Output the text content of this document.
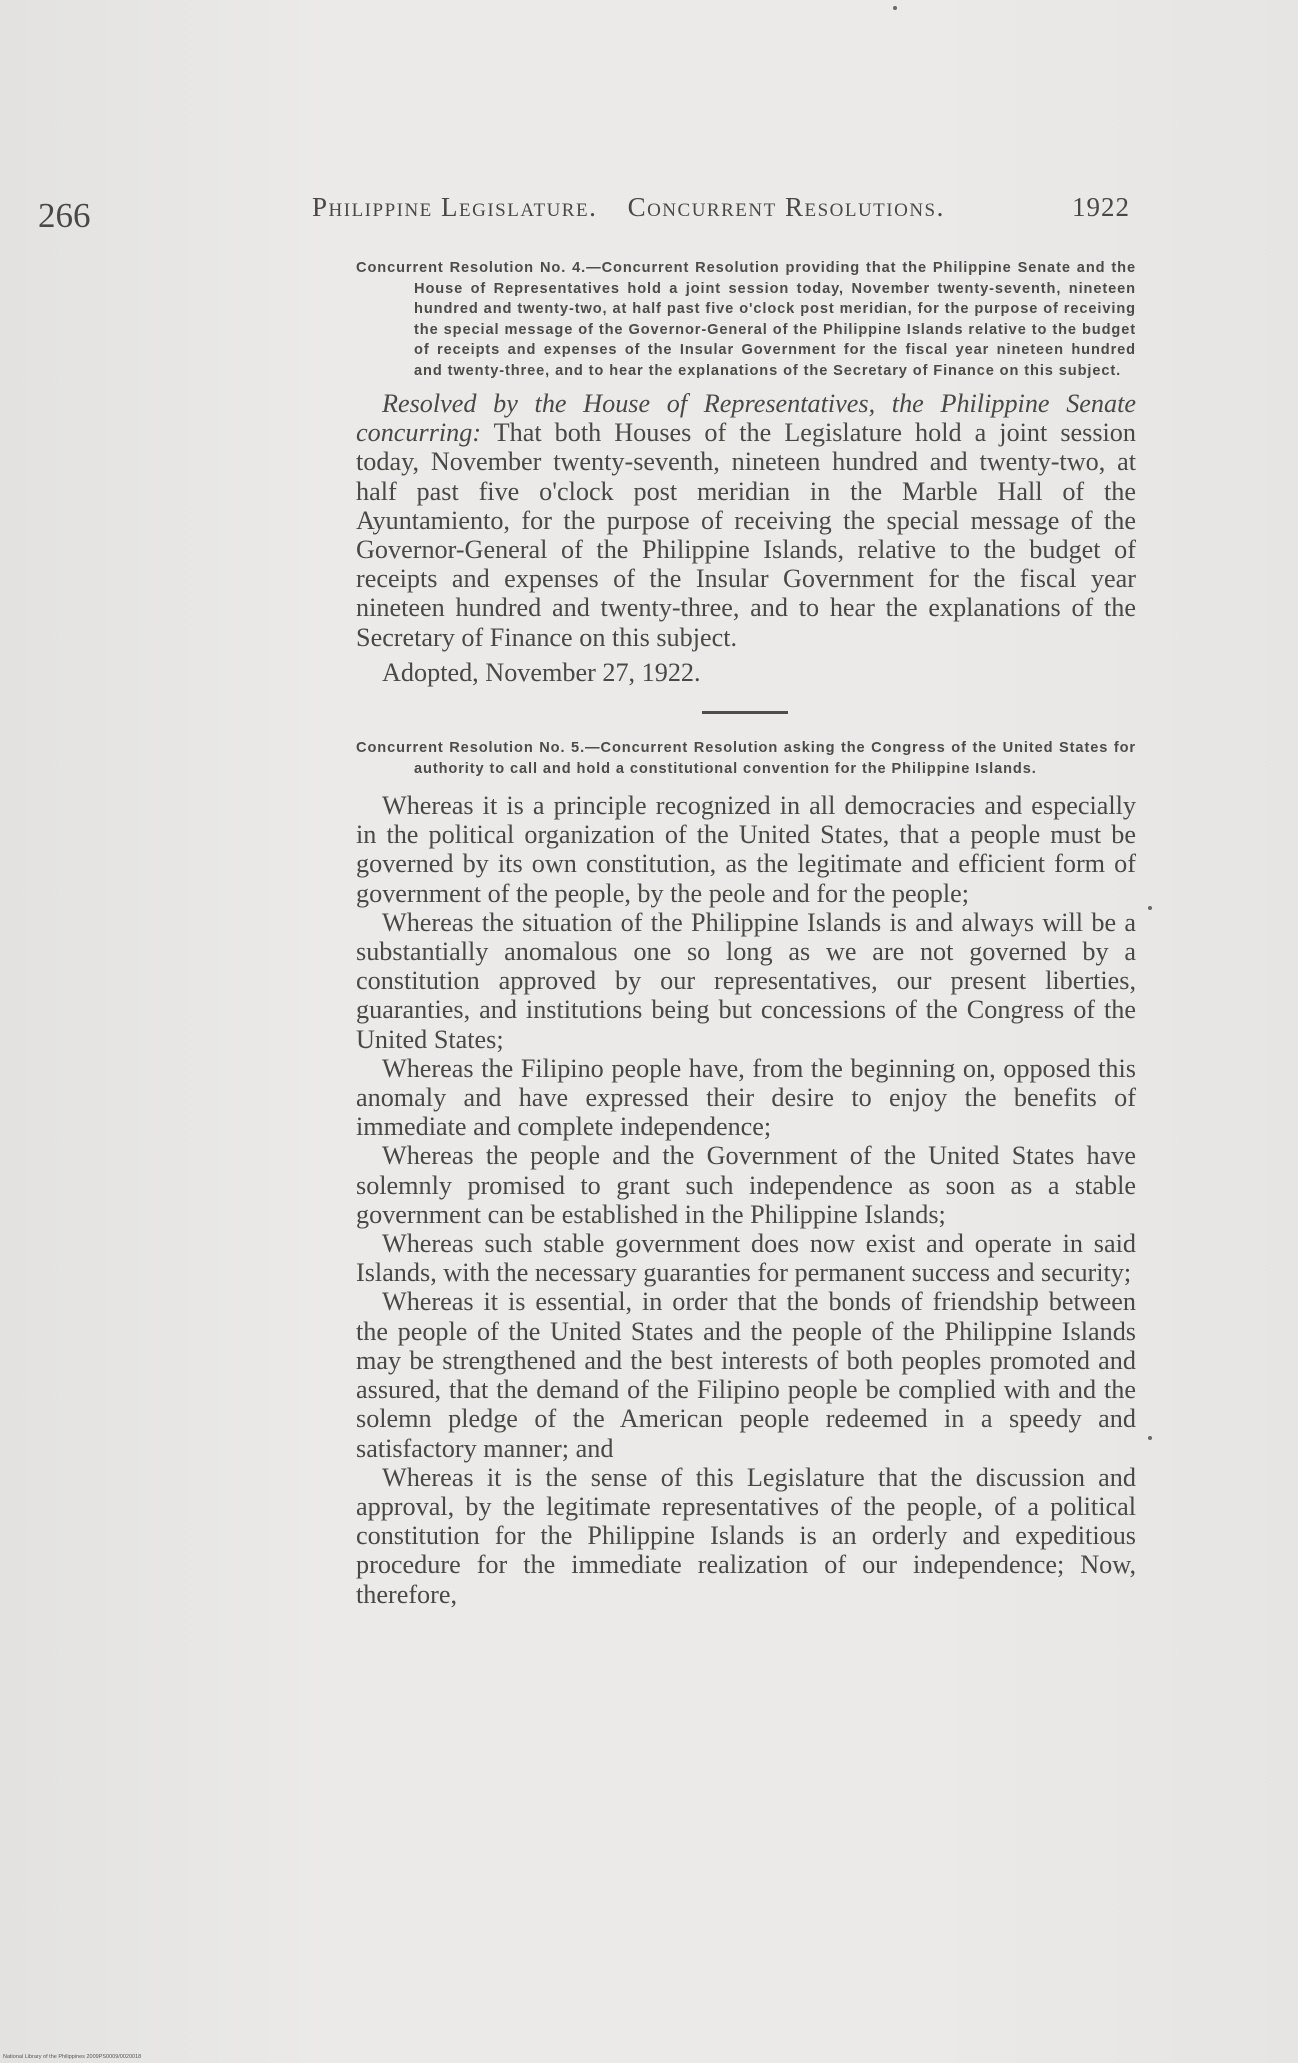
266	Philippine Legislature. Concurrent Resolutions.	1922

Concurrent Resolution No. 4.—Concurrent Resolution providing that the Philippine Senate and the House of Representatives hold a joint session today, November twenty-seventh, nineteen hundred and twenty-two, at half past five o'clock post meridian, for the purpose of receiving the special message of the Governor-General of the Philippine Islands relative to the budget of receipts and expenses of the Insular Government for the fiscal year nineteen hundred and twenty-three, and to hear the explanations of the Secretary of Finance on this subject.

Resolved by the House of Representatives, the Philippine Senate concurring: That both Houses of the Legislature hold a joint session today, November twenty-seventh, nineteen hundred and twenty-two, at half past five o'clock post meridian in the Marble Hall of the Ayuntamiento, for the purpose of receiving the special message of the Governor-General of the Philippine Islands, relative to the budget of receipts and expenses of the Insular Government for the fiscal year nineteen hundred and twenty-three, and to hear the explanations of the Secretary of Finance on this subject.

Adopted, November 27, 1922.

Concurrent Resolution No. 5.—Concurrent Resolution asking the Congress of the United States for authority to call and hold a constitutional convention for the Philippine Islands.

Whereas it is a principle recognized in all democracies and especially in the political organization of the United States, that a people must be governed by its own constitution, as the legitimate and efficient form of government of the people, by the peole and for the people;

Whereas the situation of the Philippine Islands is and always will be a substantially anomalous one so long as we are not governed by a constitution approved by our representatives, our present liberties, guaranties, and institutions being but concessions of the Congress of the United States;

Whereas the Filipino people have, from the beginning on, opposed this anomaly and have expressed their desire to enjoy the benefits of immediate and complete independence;

Whereas the people and the Government of the United States have solemnly promised to grant such independence as soon as a stable government can be established in the Philippine Islands;

Whereas such stable government does now exist and operate in said Islands, with the necessary guaranties for permanent success and security;

Whereas it is essential, in order that the bonds of friendship between the people of the United States and the people of the Philippine Islands may be strengthened and the best interests of both peoples promoted and assured, that the demand of the Filipino people be complied with and the solemn pledge of the American people redeemed in a speedy and satisfactory manner; and

Whereas it is the sense of this Legislature that the discussion and approval, by the legitimate representatives of the people, of a political constitution for the Philippine Islands is an orderly and expeditious procedure for the immediate realization of our independence; Now, therefore,

National Library of the Philippines 2009PS0009/0020018
